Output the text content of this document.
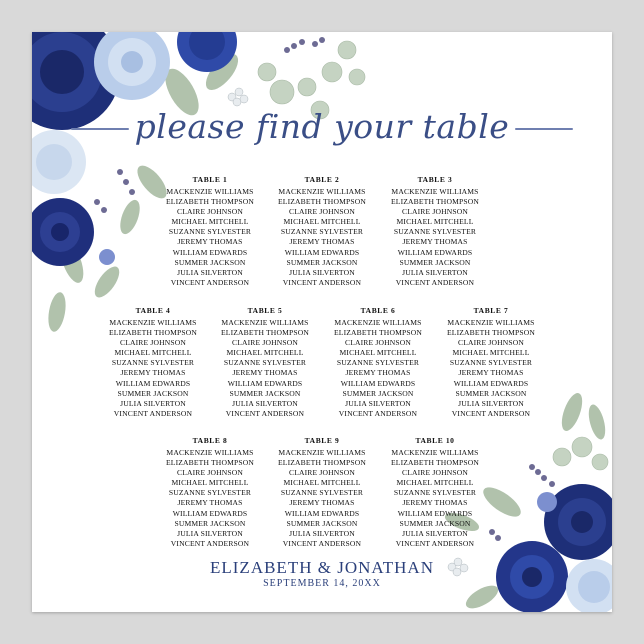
please find your table
TABLE 1
MACKENZIE WILLIAMS
ELIZABETH THOMPSON
CLAIRE JOHNSON
MICHAEL MITCHELL
SUZANNE SYLVESTER
JEREMY THOMAS
WILLIAM EDWARDS
SUMMER JACKSON
JULIA SILVERTON
VINCENT ANDERSON
TABLE 2
MACKENZIE WILLIAMS
ELIZABETH THOMPSON
CLAIRE JOHNSON
MICHAEL MITCHELL
SUZANNE SYLVESTER
JEREMY THOMAS
WILLIAM EDWARDS
SUMMER JACKSON
JULIA SILVERTON
VINCENT ANDERSON
TABLE 3
MACKENZIE WILLIAMS
ELIZABETH THOMPSON
CLAIRE JOHNSON
MICHAEL MITCHELL
SUZANNE SYLVESTER
JEREMY THOMAS
WILLIAM EDWARDS
SUMMER JACKSON
JULIA SILVERTON
VINCENT ANDERSON
TABLE 4
MACKENZIE WILLIAMS
ELIZABETH THOMPSON
CLAIRE JOHNSON
MICHAEL MITCHELL
SUZANNE SYLVESTER
JEREMY THOMAS
WILLIAM EDWARDS
SUMMER JACKSON
JULIA SILVERTON
VINCENT ANDERSON
TABLE 5
MACKENZIE WILLIAMS
ELIZABETH THOMPSON
CLAIRE JOHNSON
MICHAEL MITCHELL
SUZANNE SYLVESTER
JEREMY THOMAS
WILLIAM EDWARDS
SUMMER JACKSON
JULIA SILVERTON
VINCENT ANDERSON
TABLE 6
MACKENZIE WILLIAMS
ELIZABETH THOMPSON
CLAIRE JOHNSON
MICHAEL MITCHELL
SUZANNE SYLVESTER
JEREMY THOMAS
WILLIAM EDWARDS
SUMMER JACKSON
JULIA SILVERTON
VINCENT ANDERSON
TABLE 7
MACKENZIE WILLIAMS
ELIZABETH THOMPSON
CLAIRE JOHNSON
MICHAEL MITCHELL
SUZANNE SYLVESTER
JEREMY THOMAS
WILLIAM EDWARDS
SUMMER JACKSON
JULIA SILVERTON
VINCENT ANDERSON
TABLE 8
MACKENZIE WILLIAMS
ELIZABETH THOMPSON
CLAIRE JOHNSON
MICHAEL MITCHELL
SUZANNE SYLVESTER
JEREMY THOMAS
WILLIAM EDWARDS
SUMMER JACKSON
JULIA SILVERTON
VINCENT ANDERSON
TABLE 9
MACKENZIE WILLIAMS
ELIZABETH THOMPSON
CLAIRE JOHNSON
MICHAEL MITCHELL
SUZANNE SYLVESTER
JEREMY THOMAS
WILLIAM EDWARDS
SUMMER JACKSON
JULIA SILVERTON
VINCENT ANDERSON
TABLE 10
MACKENZIE WILLIAMS
ELIZABETH THOMPSON
CLAIRE JOHNSON
MICHAEL MITCHELL
SUZANNE SYLVESTER
JEREMY THOMAS
WILLIAM EDWARDS
SUMMER JACKSON
JULIA SILVERTON
VINCENT ANDERSON
ELIZABETH & JONATHAN
SEPTEMBER 14, 20XX
